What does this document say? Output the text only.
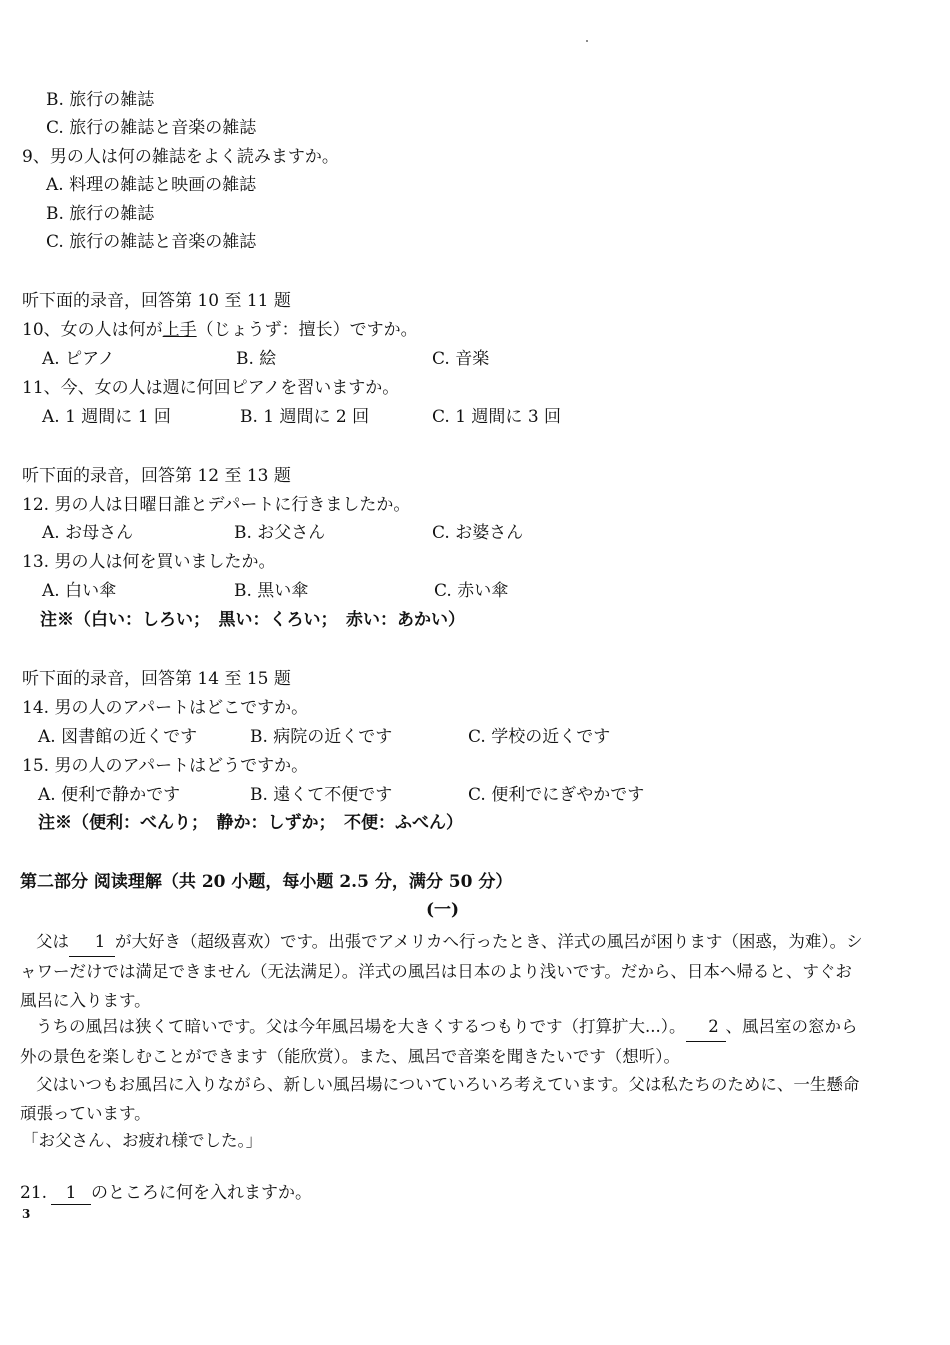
B. 旅行の雑誌
C. 旅行の雑誌と音楽の雑誌
9、男の人は何の雑誌をよく読みますか。
A. 料理の雑誌と映画の雑誌
B. 旅行の雑誌
C. 旅行の雑誌と音楽の雑誌
听下面的录音，回答第 10 至 11 题
10、女の人は何が上手（じょうず：擅长）ですか。
A. ピアノ	B. 絵	C. 音楽
11、今、女の人は週に何回ピアノを習いますか。
A. 1 週間に 1 回	B. 1 週間に 2 回	C. 1 週間に 3 回
听下面的录音，回答第 12 至 13 题
12. 男の人は日曜日誰とデパートに行きましたか。
A. お母さん	B. お父さん	C. お婆さん
13. 男の人は何を買いましたか。
A. 白い傘	B. 黒い傘	C. 赤い傘
注※（白い：しろい；　黒い：くろい；　赤い：あかい）
听下面的录音，回答第 14 至 15 题
14. 男の人のアパートはどこですか。
A. 図書館の近くです	B. 病院の近くです	C. 学校の近くです
15. 男の人のアパートはどうですか。
A. 便利で静かです	B. 遠くて不便です	C. 便利でにぎやかです
注※（便利：べんり；　静か：しずか；　不便：ふべん）
第二部分 阅读理解（共 20 小题，每小题 2.5 分，满分 50 分）
(一)
父は 1 が大好き（超级喜欢）です。出張でアメリカへ行ったとき、洋式の風呂が困ります（困惑，为难）。シャワーだけでは満足できません（无法满足）。洋式の風呂は日本のより浅いです。だから、日本へ帰ると、すぐお風呂に入ります。
うちの風呂は狭くて暗いです。父は今年風呂場を大きくするつもりです（打算扩大...）。 2 、風呂室の窓から外の景色を楽しむことができます（能欣赏）。また、風呂で音楽を聞きたいです（想听）。
父はいつもお風呂に入りながら、新しい風呂場についていろいろ考えています。父は私たちのために、一生懸命頑張っています。
「お父さん、お疲れ様でした。」
21. 1 のところに何を入れますか。
3
